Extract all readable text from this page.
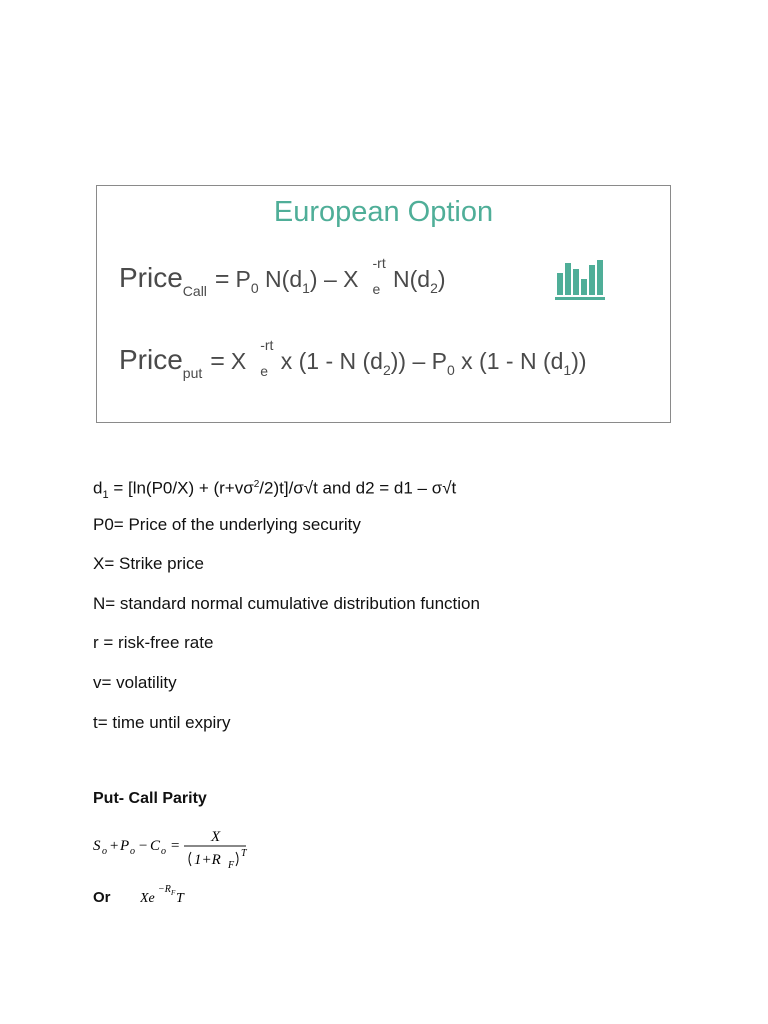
European Option
Price$_{Call}$ = $P_0$ $N(d_1)$ – X
-rt
e $N(d_2)$
Price$_{put}$ = X
-rt
e x (1 - N $(d_2)) - P_0$ x (1 - N $(d_1)$)
$d_1 = [\ln(P0/X) + (r+v\sigma^2/2)t]/\sigma√t$ and d2 = d1 – σ√t
P0= Price of the underlying security
X= Strike price
N= standard normal cumulative distribution function
r = risk-free rate
v= volatility
t= time until expiry
Put- Call Parity
S o + P o − C o =
X
1+R F
T
Or Xe
−R F T
